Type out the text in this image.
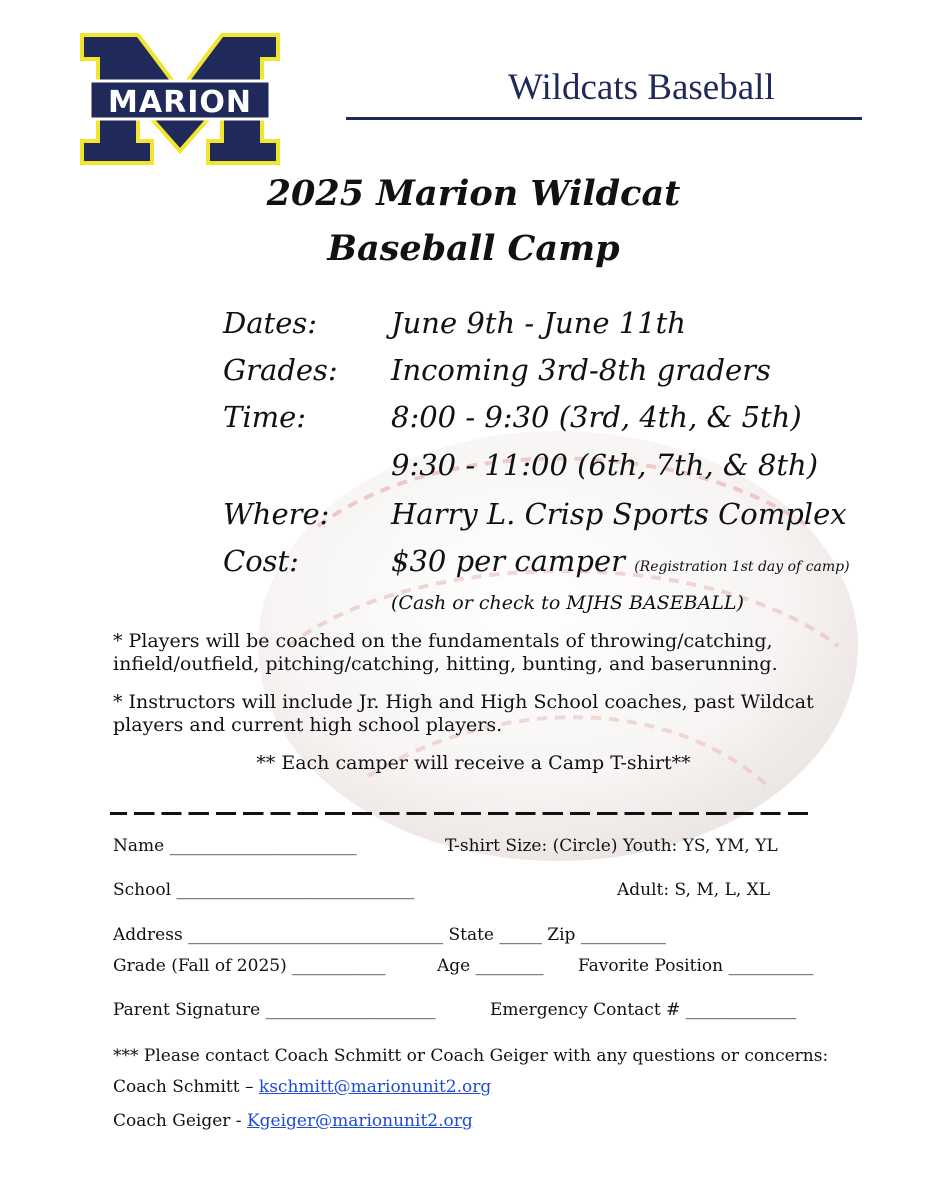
MARION	Wildcats Baseball
2025 Marion Wildcat
Baseball Camp
Dates:	June 9th - June 11th
Grades: Incoming 3rd-8th graders
Time:	8:00 - 9:30 (3rd, 4th, & 5th)
9:30 - 11:00 (6th, 7th, & 8th)
Where: Harry L. Crisp Sports Complex
Cost:	$30 per camper (Registration 1st day of camp)
(Cash or check to MJHS BASEBALL)
* Players will be coached on the fundamentals of throwing/catching,
infield/outfield, pitching/catching, hitting, bunting, and baserunning.
* Instructors will include Jr. High and High School coaches, past Wildcat
players and current high school players.
** Each camper will receive a Camp T-shirt**
Name ______________________	T-shirt Size: (Circle) Youth: YS, YM, YL
School ____________________________	Adult: S, M, L, XL
Address ______________________________ State _____ Zip __________
Grade (Fall of 2025) ___________	Age ________ Favorite Position __________
Parent Signature ____________________	Emergency Contact # _____________
*** Please contact Coach Schmitt or Coach Geiger with any questions or concerns:
Coach Schmitt – kschmitt@marionunit2.org
Coach Geiger - Kgeiger@marionunit2.org
